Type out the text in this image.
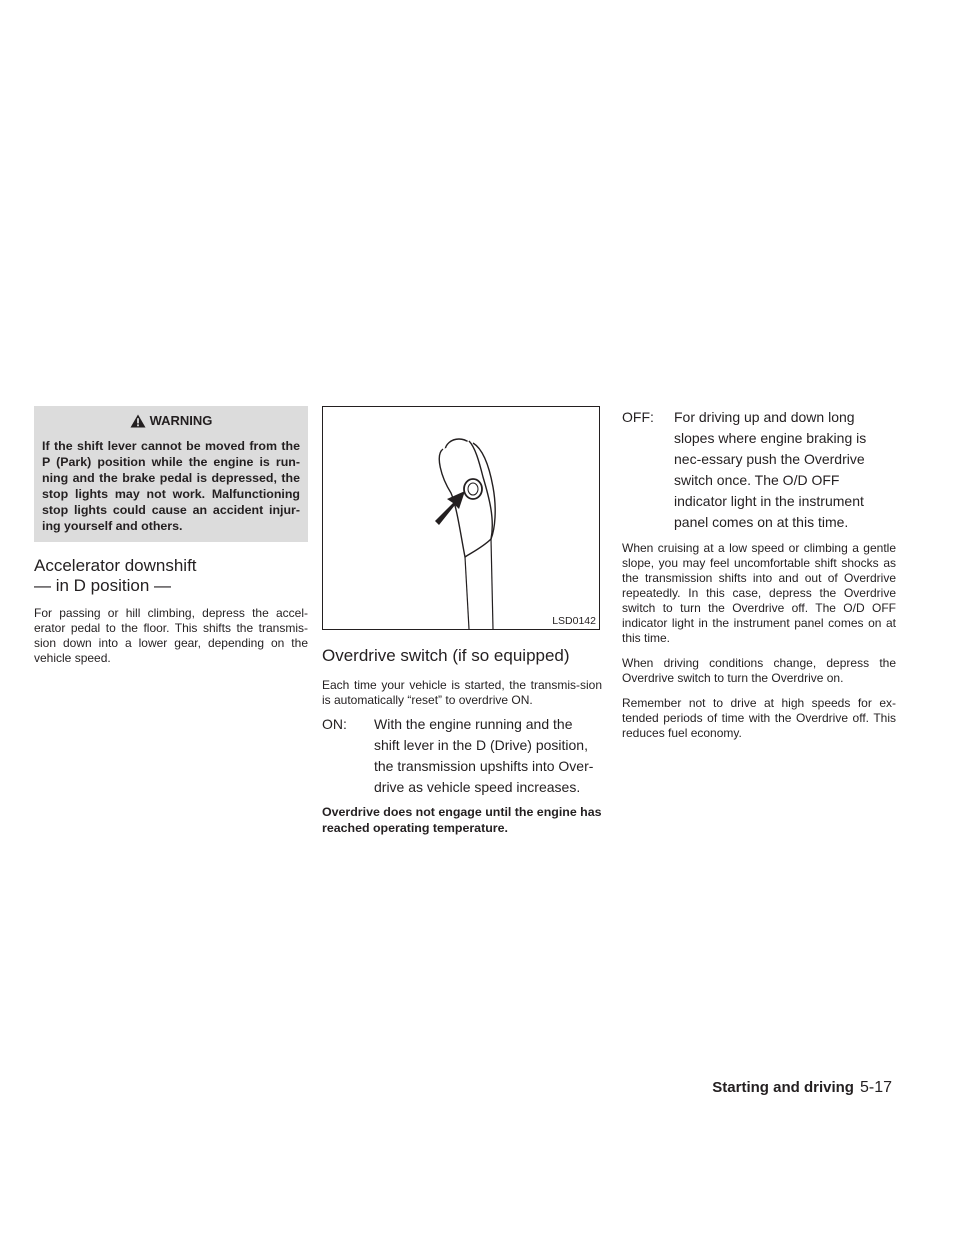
WARNING
If the shift lever cannot be moved from the P (Park) position while the engine is run-ning and the brake pedal is depressed, the stop lights may not work. Malfunctioning stop lights could cause an accident injur-ing yourself and others.
Accelerator downshift
— in D position —

For passing or hill climbing, depress the accel-erator pedal to the floor. This shifts the transmis-sion down into a lower gear, depending on the vehicle speed.

LSD0142
Overdrive switch (if so equipped)

Each time your vehicle is started, the transmis-sion is automatically “reset” to overdrive ON.

ON:	With the engine running and the
shift lever in the D (Drive) position, the transmission upshifts into Over-drive as vehicle speed increases.

Overdrive does not engage until the engine has reached operating temperature.

OFF:	For driving up and down long
slopes where engine braking is nec-essary push the Overdrive switch once. The O/D OFF indicator light in the instrument panel comes on at this time.

When cruising at a low speed or climbing a gentle slope, you may feel uncomfortable shift shocks as the transmission shifts into and out of Overdrive repeatedly. In this case, depress the Overdrive switch to turn the Overdrive off. The O/D OFF indicator light in the instrument panel comes on at this time.

When driving conditions change, depress the Overdrive switch to turn the Overdrive on.

Remember not to drive at high speeds for ex-tended periods of time with the Overdrive off. This reduces fuel economy.

Starting and driving 5-17
